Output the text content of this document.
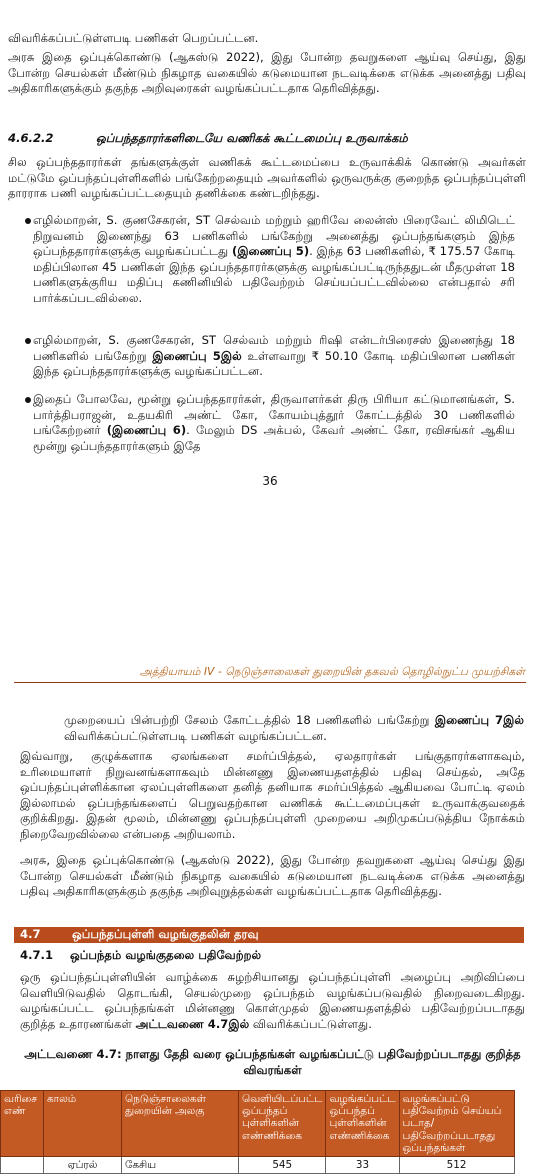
விவரிக்கப்பட்டுள்ளபடி பணிகள் பெறப்பட்டன.

அரசு இதை ஒப்புக்கொண்டு (ஆகஸ்டு 2022), இது போன்ற தவறுகளை ஆய்வு செய்து, இது போன்ற செயல்கள் மீண்டும் நிகழாத வகையில் கடுமையான நடவடிக்கை எடுக்க அனைத்து பதிவு அதிகாரிகளுக்கும் தகுந்த அறிவுரைகள் வழங்கப்பட்டதாக தெரிவித்தது.

4.6.2.2	ஒப்பந்ததாரர்களிடையே வணிகக் கூட்டமைப்பு உருவாக்கம்

சில ஒப்பந்ததாரர்கள் தங்களுக்குள் வணிகக் கூட்டமைப்பை உருவாக்கிக் கொண்டு அவர்கள் மட்டுமே ஒப்பந்தப்புள்ளிகளில் பங்கேற்றதையும் அவர்களில் ஒருவருக்கு குறைந்த ஒப்பந்தப்புள்ளி தாரராக பணி வழங்கப்பட்டதையும் தணிக்கை கண்டறிந்தது.

எழில்மாறன், S. குணசேகரன், ST செல்வம் மற்றும் ஹரிவே லைன்ஸ் பிரைவேட் லிமிடெட் நிறுவனம் இணைந்து 63 பணிகளில் பங்கேற்று அனைத்து ஒப்பந்தங்களும் இந்த ஒப்பந்ததாரர்களுக்கு வழங்கப்பட்டது (இணைப்பு 5). இந்த 63 பணிகளில், ₹ 175.57 கோடி மதிப்பிலான 45 பணிகள் இந்த ஒப்பந்ததாரர்களுக்கு வழங்கப்பட்டிருந்ததுடன் மீதமுள்ள 18 பணிகளுக்குரிய மதிப்பு கணினியில் பதிவேற்றம் செய்யப்பட்டவில்லை என்பதால் சரி பார்க்கப்படவில்லை.

எழில்மாறன், S. குணசேகரன், ST செல்வம் மற்றும் ரிஷி என்டர்பிரைசஸ் இணைந்து 18 பணிகளில் பங்கேற்று இணைப்பு 5இல் உள்ளவாறு ₹ 50.10 கோடி மதிப்பிலான பணிகள் இந்த ஒப்பந்ததாரர்களுக்கு வழங்கப்பட்டன.

இதைப் போலவே, மூன்று ஒப்பந்ததாரர்கள், திருவாளர்கள் திரு பிரியா கட்டுமானங்கள், S. பார்த்திபராஜன், உதயகிரி அண்ட் கோ, கோயம்புத்தூர் கோட்டத்தில் 30 பணிகளில் பங்கேற்றனர் (இணைப்பு 6). மேலும் DS அக்பல், கேவர் அண்ட் கோ, ரவிசங்கர் ஆகிய மூன்று ஒப்பந்ததாரர்களும் இதே

36
அத்தியாயம் IV - நெடுஞ்சாலைகள் துறையின் தகவல் தொழில்நுட்ப முயற்சிகள்

முறையைப் பின்பற்றி சேலம் கோட்டத்தில் 18 பணிகளில் பங்கேற்று இணைப்பு 7இல் விவரிக்கப்பட்டுள்ளபடி பணிகள் வழங்கப்பட்டன.

இவ்வாறு, குழுக்களாக ஏலங்களை சமர்ப்பித்தல், ஏலதாரர்கள் பங்குதாரர்களாகவும், உரிமையாளர் நிறுவனங்களாகவும் மின்னணு இணையதளத்தில் பதிவு செய்தல், அதே ஒப்பந்தப்புள்ளிக்கான ஏலப்புள்ளிகளை தனித் தனியாக சமர்ப்பித்தல் ஆகியவை போட்டி ஏலம் இல்லாமல் ஒப்பந்தங்களைப் பெறுவதற்கான வணிகக் கூட்டமைப்புகள் உருவாக்குவதைக் குறிக்கிறது. இதன் மூலம், மின்னணு ஒப்பந்தப்புள்ளி முறையை அறிமுகப்படுத்திய நோக்கம் நிறைவேறவில்லை என்பதை அறியலாம்.

அரசு, இதை ஒப்புக்கொண்டு (ஆகஸ்டு 2022), இது போன்ற தவறுகளை ஆய்வு செய்து இது போன்ற செயல்கள் மீண்டும் நிகழாத வகையில் கடுமையான நடவடிக்கை எடுக்க அனைத்து பதிவு அதிகாரிகளுக்கும் தகுந்த அறிவுறுத்தல்கள் வழங்கப்பட்டதாக தெரிவித்தது.

4.7	ஒப்பந்தப்புள்ளி வழங்குதலின் தரவு
4.7.1 ஒப்பந்தம் வழங்குதலை பதிவேற்றல்

ஒரு ஒப்பந்தப்புள்ளியின் வாழ்க்கை சுழற்சியானது ஒப்பந்தப்புள்ளி அழைப்பு அறிவிப்பை வெளியிடுவதில் தொடங்கி, செயல்முறை ஒப்பந்தம் வழங்கப்படுவதில் நிறைவடைகிறது. வழங்கப்பட்ட ஒப்பந்தங்கள் மின்னணு கொள்முதல் இணையதளத்தில் பதிவேற்றப்படாதது குறித்த உதாரணங்கள் அட்டவணை 4.7இல் விவரிக்கப்பட்டுள்ளது.

அட்டவணை 4.7: நாளது தேதி வரை ஒப்பந்தங்கள் வழங்கப்பட்டு பதிவேற்றப்படாதது குறித்த விவரங்கள்
வரிசை எண்	காலம்	நெடுஞ்சாலைகள் துறையின் அலகு	வெளியிடப்பட்ட ஒப்பந்தப் புள்ளிகளின் எண்ணிக்கை	வழங்கப்பட்ட ஒப்பந்தப் புள்ளிகளின் எண்ணிக்கை	வழங்கப்பட்டு பதிவேற்றம் செய்யப் படாத/ பதிவேற்றப்படாதது ஒப்பந்தங்கள்
	ஏப்ரல்	கேசிய	545	33	512
